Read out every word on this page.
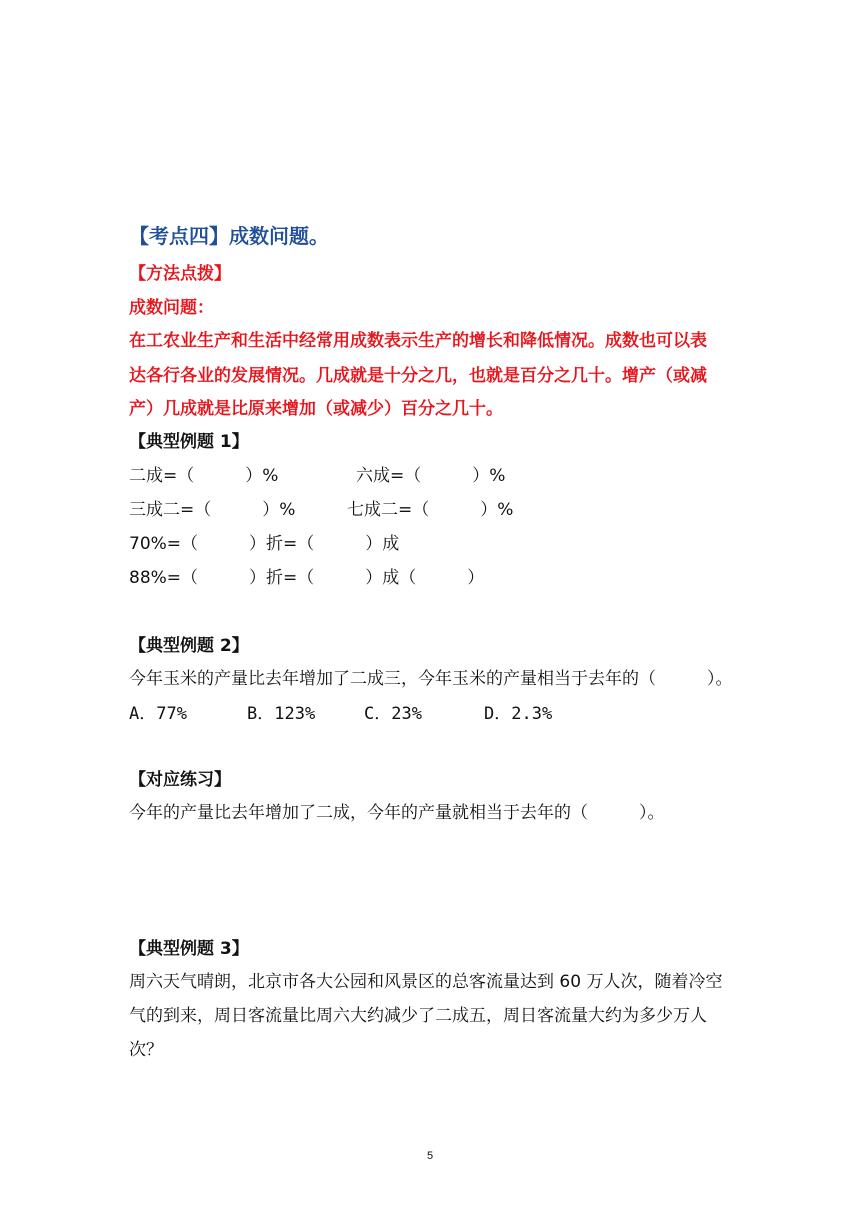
【考点四】成数问题。
【方法点拨】
成数问题：
在工农业生产和生活中经常用成数表示生产的增长和降低情况。成数也可以表
达各行各业的发展情况。几成就是十分之几，也就是百分之几十。增产（或减
产）几成就是比原来增加（或减少）百分之几十。
【典型例题 1】
二成=（　　　）%	六成=（　　　）%
三成二=（　　　）%	七成二=（　　　）%
70%=（　　　）折=（　　　）成
88%=（　　　）折=（　　　）成（　　　）
【典型例题 2】
今年玉米的产量比去年增加了二成三，今年玉米的产量相当于去年的（　　　）。
A．77%	B．123%	C．23%	D．2.3%
【对应练习】
今年的产量比去年增加了二成，今年的产量就相当于去年的（　　　）。
【典型例题 3】
周六天气晴朗，北京市各大公园和风景区的总客流量达到 60 万人次，随着冷空
气的到来，周日客流量比周六大约减少了二成五，周日客流量大约为多少万人
次？
5
